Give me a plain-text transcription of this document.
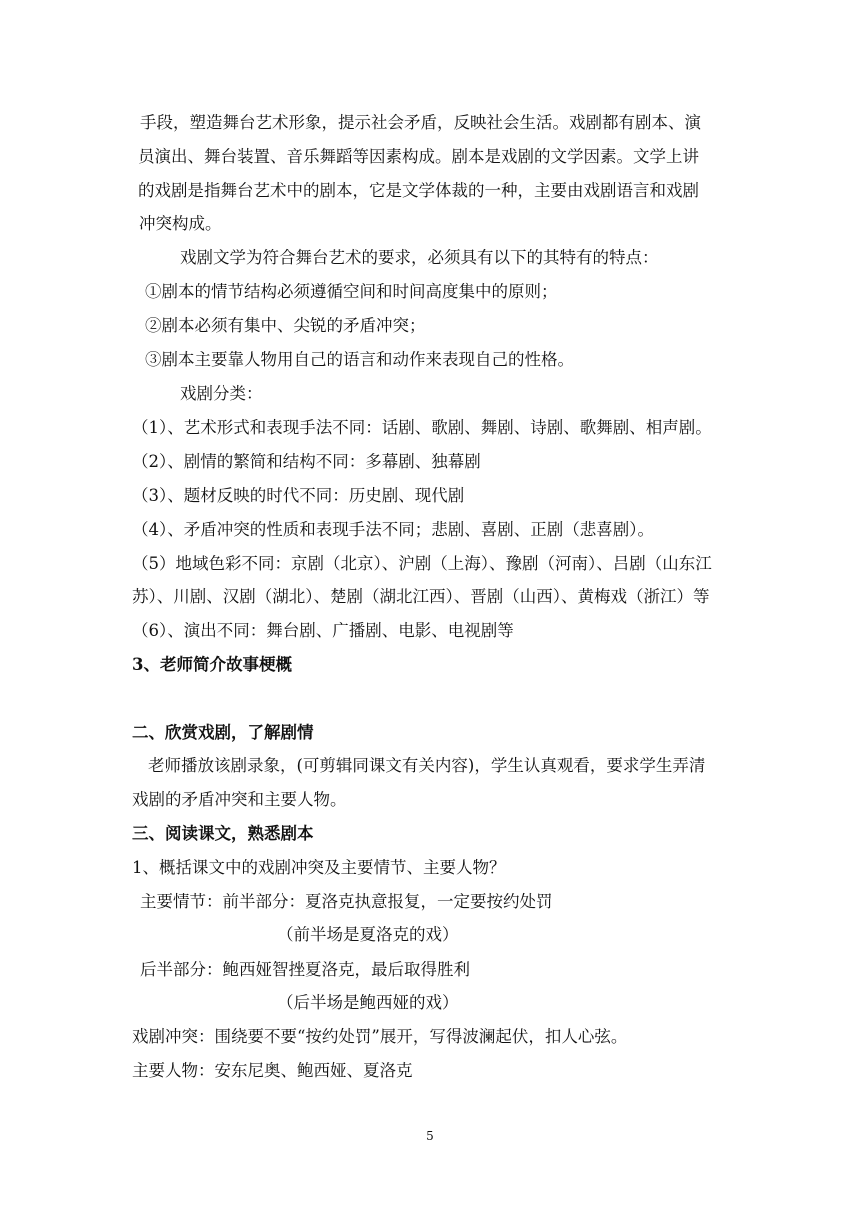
手段，塑造舞台艺术形象，提示社会矛盾，反映社会生活。戏剧都有剧本、演
员演出、舞台装置、音乐舞蹈等因素构成。剧本是戏剧的文学因素。文学上讲
的戏剧是指舞台艺术中的剧本，它是文学体裁的一种，主要由戏剧语言和戏剧
冲突构成。
戏剧文学为符合舞台艺术的要求，必须具有以下的其特有的特点：
①剧本的情节结构必须遵循空间和时间高度集中的原则；
②剧本必须有集中、尖锐的矛盾冲突；
③剧本主要靠人物用自己的语言和动作来表现自己的性格。
戏剧分类：
（1）、艺术形式和表现手法不同：话剧、歌剧、舞剧、诗剧、歌舞剧、相声剧。
（2）、剧情的繁简和结构不同：多幕剧、独幕剧
（3）、题材反映的时代不同：历史剧、现代剧
（4）、矛盾冲突的性质和表现手法不同；悲剧、喜剧、正剧（悲喜剧）。
（5）地域色彩不同：京剧（北京）、沪剧（上海）、豫剧（河南）、吕剧（山东江
苏）、川剧、汉剧（湖北）、楚剧（湖北江西）、晋剧（山西）、黄梅戏（浙江）等
（6）、演出不同：舞台剧、广播剧、电影、电视剧等
3、老师简介故事梗概
二、欣赏戏剧，了解剧情
老师播放该剧录象，(可剪辑同课文有关内容)，学生认真观看，要求学生弄清
戏剧的矛盾冲突和主要人物。
三、阅读课文，熟悉剧本
1、概括课文中的戏剧冲突及主要情节、主要人物？
主要情节：前半部分：夏洛克执意报复，一定要按约处罚
（前半场是夏洛克的戏）
后半部分：鲍西娅智挫夏洛克，最后取得胜利
（后半场是鲍西娅的戏）
戏剧冲突：围绕要不要“按约处罚”展开，写得波澜起伏，扣人心弦。
主要人物：安东尼奥、鲍西娅、夏洛克
5
